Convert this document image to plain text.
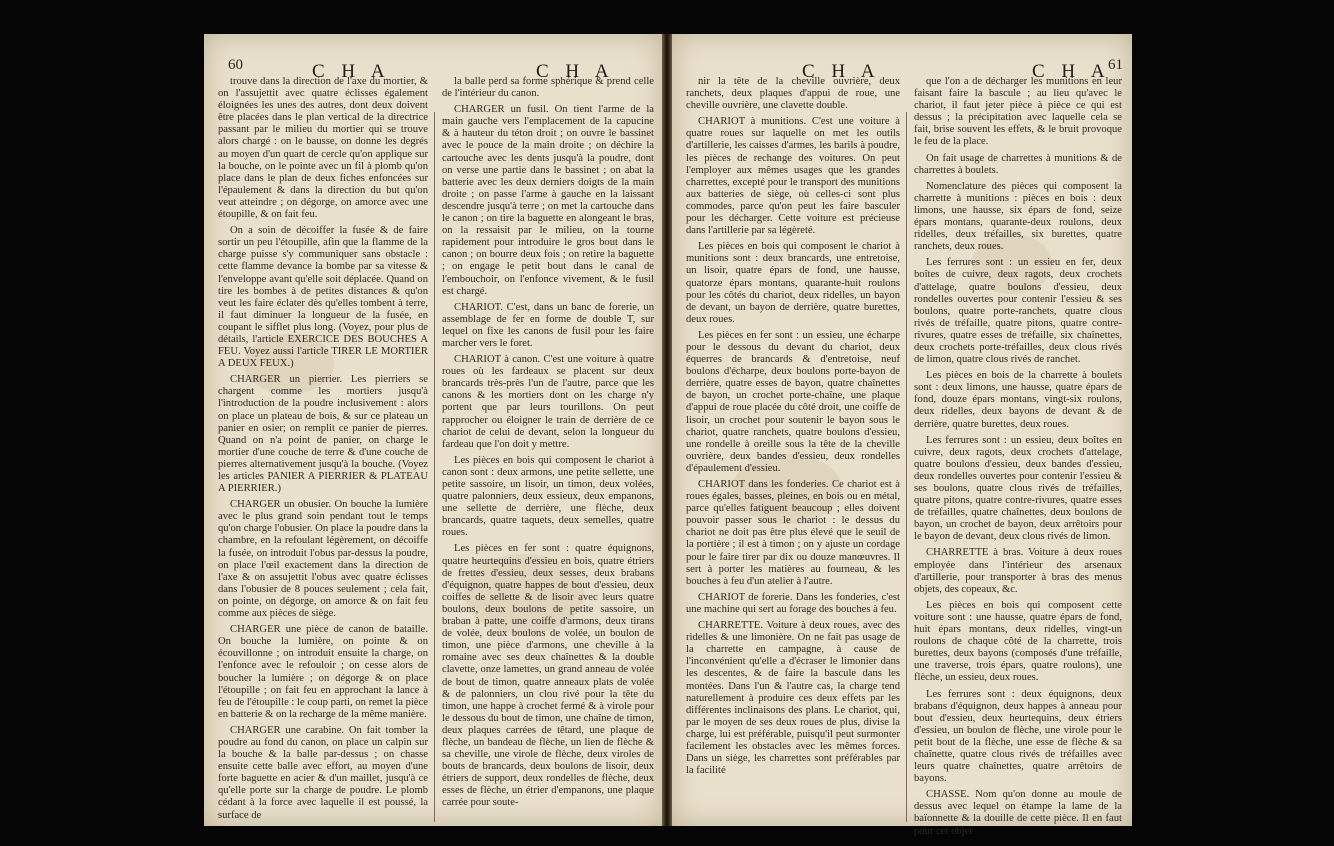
60	C H A	C H A

trouve dans la direction de l'axe du mortier, & on l'assujettit avec quatre éclisses également éloignées les unes des autres, dont deux doivent être placées dans le plan vertical de la directrice passant par le milieu du mortier qui se trouve alors chargé : on le bausse, on donne les degrés au moyen d'un quart de cercle qu'on applique sur la bouche, on le pointe avec un fil à plomb qu'on place dans le plan de deux fiches enfoncées sur l'épaulement & dans la direction du but qu'on veut atteindre ; on dégorge, on amorce avec une étoupille, & on fait feu.

On a soin de décoiffer la fusée & de faire sortir un peu l'étoupille, afin que la flamme de la charge puisse s'y communiquer sans obstacle : cette flamme devance la bombe par sa vitesse & l'enveloppe avant qu'elle soit déplacée. Quand on tire les bombes à de petites distances & qu'on veut les faire éclater dès qu'elles tombent à terre, il faut diminuer la longueur de la fusée, en coupant le sifflet plus long. (Voyez, pour plus de détails, l'article EXERCICE DES BOUCHES A FEU. Voyez aussi l'article TIRER LE MORTIER A DEUX FEUX.)

CHARGER un pierrier. Les pierriers se chargent comme les mortiers jusqu'à l'introduction de la poudre inclusivement : alors on place un plateau de bois, & sur ce plateau un panier en osier; on remplit ce panier de pierres. Quand on n'a point de panier, on charge le mortier d'une couche de terre & d'une couche de pierres alternativement jusqu'à la bouche. (Voyez les articles PANIER A PIERRIER & PLATEAU A PIERRIER.)

CHARGER un obusier. On bouche la lumière avec le plus grand soin pendant tout le temps qu'on charge l'obusier. On place la poudre dans la chambre, en la refoulant légèrement, on décoiffe la fusée, on introduit l'obus par-dessus la poudre, on place l'œil exactement dans la direction de l'axe & on assujettit l'obus avec quatre éclisses dans l'obusier de 8 pouces seulement ; cela fait, on pointe, on dégorge, on amorce & on fait feu comme aux pièces de siège.

CHARGER une pièce de canon de bataille. On bouche la lumière, on pointe & on écouvillonne ; on introduit ensuite la charge, on l'enfonce avec le refouloir ; on cesse alors de boucher la lumière ; on dégorge & on place l'étoupille ; on fait feu en approchant la lance à feu de l'étoupille : le coup parti, on remet la pièce en batterie & on la recharge de la même manière.

CHARGER une carabine. On fait tomber la poudre au fond du canon, on place un calpin sur la bouche & la balle par-dessus ; on chasse ensuite cette balle avec effort, au moyen d'une forte baguette en acier & d'un maillet, jusqu'à ce qu'elle porte sur la charge de poudre. Le plomb cédant à la force avec laquelle il est poussé, la surface de

la balle perd sa forme sphérique & prend celle de l'intérieur du canon.

CHARGER un fusil. On tient l'arme de la main gauche vers l'emplacement de la capucine & à hauteur du téton droit ; on ouvre le bassinet avec le pouce de la main droite ; on déchire la cartouche avec les dents jusqu'à la poudre, dont on verse une partie dans le bassinet ; on abat la batterie avec les deux derniers doigts de la main droite ; on passe l'arme à gauche en la laissant descendre jusqu'à terre ; on met la cartouche dans le canon ; on tire la baguette en alongeant le bras, on la ressaisit par le milieu, on la tourne rapidement pour introduire le gros bout dans le canon ; on bourre deux fois ; on retire la baguette ; on engage le petit bout dans le canal de l'embouchoir, on l'enfonce vivement, & le fusil est chargé.

CHARIOT. C'est, dans un banc de forerie, un assemblage de fer en forme de double T, sur lequel on fixe les canons de fusil pour les faire marcher vers le foret.

CHARIOT à canon. C'est une voiture à quatre roues où les fardeaux se placent sur deux brancards très-près l'un de l'autre, parce que les canons & les mortiers dont on les charge n'y portent que par leurs tourillons. On peut rapprocher ou éloigner le train de derrière de ce chariot de celui de devant, selon la longueur du fardeau que l'on doit y mettre.

Les pièces en bois qui composent le chariot à canon sont : deux armons, une petite sellette, une petite sassoire, un lisoir, un timon, deux volées, quatre palonniers, deux essieux, deux empanons, une sellette de derrière, une flèche, deux brancards, quatre taquets, deux semelles, quatre roues.

Les pièces en fer sont : quatre équignons, quatre heurtequins d'essieu en bois, quatre étriers de frettes d'essieu, deux sesses, deux brabans d'équignon, quatre happes de bout d'essieu, deux coiffes de sellette & de lisoir avec leurs quatre boulons, deux boulons de petite sassoire, un braban à patte, une coiffe d'armons, deux tirans de volée, deux boulons de volée, un boulon de timon, une pièce d'armons, une cheville à la romaine avec ses deux chaînettes & la double clavette, onze lamettes, un grand anneau de volée de bout de timon, quatre anneaux plats de volée & de palonniers, un clou rivé pour la tête du timon, une happe à crochet fermé & à virole pour le dessous du bout de timon, une chaîne de timon, deux plaques carrées de têtard, une plaque de flèche, un bandeau de flèche, un lien de flèche & sa cheville, une virole de flèche, deux viroles de bouts de brancards, deux boulons de lisoir, deux étriers de support, deux rondelles de flèche, deux esses de flèche, un étrier d'empanons, une plaque carrée pour soute-

C H A	C H A
61

nir la tête de la cheville ouvrière, deux ranchets, deux plaques d'appui de roue, une cheville ouvrière, une clavette double.

CHARIOT à munitions. C'est une voiture à quatre roues sur laquelle on met les outils d'artillerie, les caisses d'armes, les barils à poudre, les pièces de rechange des voitures. On peut l'employer aux mêmes usages que les grandes charrettes, excepté pour le transport des munitions aux batteries de siège, où celles-ci sont plus commodes, parce qu'on peut les faire basculer pour les décharger. Cette voiture est précieuse dans l'artillerie par sa légèreté.

Les pièces en bois qui composent le chariot à munitions sont : deux brancards, une entretoise, un lisoir, quatre épars de fond, une hausse, quatorze épars montans, quarante-huit roulons pour les côtés du chariot, deux ridelles, un bayon de devant, un bayon de derrière, quatre burettes, deux roues.

Les pièces en fer sont : un essieu, une écharpe pour le dessous du devant du chariot, deux équerres de brancards & d'entretoise, neuf boulons d'écharpe, deux boulons porte-bayon de derrière, quatre esses de bayon, quatre chaînettes de bayon, un crochet porte-chaîne, une plaque d'appui de roue placée du côté droit, une coiffe de lisoir, un crochet pour soutenir le bayon sous le chariot, quatre ranchets, quatre boulons d'essieu, une rondelle à oreille sous la tête de la cheville ouvrière, deux bandes d'essieu, deux rondelles d'épaulement d'essieu.

CHARIOT dans les fonderies. Ce chariot est à roues égales, basses, pleines, en bois ou en métal, parce qu'elles fatiguent beaucoup ; elles doivent pouvoir passer sous le chariot : le dessus du chariot ne doit pas être plus élevé que le seuil de la portière ; il est à timon ; on y ajuste un cordage pour le faire tirer par dix ou douze manœuvres. Il sert à porter les matières au fourneau, & les bouches à feu d'un atelier à l'autre.

CHARIOT de forerie. Dans les fonderies, c'est une machine qui sert au forage des bouches à feu.

CHARRETTE. Voiture à deux roues, avec des ridelles & une limonière. On ne fait pas usage de la charrette en campagne, à cause de l'inconvénient qu'elle a d'écraser le limonier dans les descentes, & de faire la bascule dans les montées. Dans l'un & l'autre cas, la charge tend naturellement à produire ces deux effets par les différentes inclinaisons des plans. Le chariot, qui, par le moyen de ses deux roues de plus, divise la charge, lui est préférable, puisqu'il peut surmonter facilement les obstacles avec les mêmes forces. Dans un siège, les charrettes sont préférables par la facilité

que l'on a de décharger les munitions en leur faisant faire la bascule ; au lieu qu'avec le chariot, il faut jeter pièce à pièce ce qui est dessus ; la précipitation avec laquelle cela se fait, brise souvent les effets, & le bruit provoque le feu de la place.

On fait usage de charrettes à munitions & de charrettes à boulets.

Nomenclature des pièces qui composent la charrette à munitions : pièces en bois : deux limons, une hausse, six épars de fond, seize épars montans, quarante-deux roulons, deux ridelles, deux tréfailles, six burettes, quatre ranchets, deux roues.

Les ferrures sont : un essieu en fer, deux boîtes de cuivre, deux ragots, deux crochets d'attelage, quatre boulons d'essieu, deux rondelles ouvertes pour contenir l'essieu & ses boulons, quatre porte-ranchets, quatre clous rivés de tréfaille, quatre pitons, quatre contre-rivures, quatre esses de tréfaille, six chaînettes, deux crochets porte-tréfailles, deux clous rivés de limon, quatre clous rivés de ranchet.

Les pièces en bois de la charrette à boulets sont : deux limons, une hausse, quatre épars de fond, douze épars montans, vingt-six roulons, deux ridelles, deux bayons de devant & de derrière, quatre burettes, deux roues.

Les ferrures sont : un essieu, deux boîtes en cuivre, deux ragots, deux crochets d'attelage, quatre boulons d'essieu, deux bandes d'essieu, deux rondelles ouvertes pour contenir l'essieu & ses boulons, quatre clous rivés de tréfailles, quatre pitons, quatre contre-rivures, quatre esses de tréfailles, quatre chaînettes, deux boulons de bayon, un crochet de bayon, deux arrêtoirs pour le bayon de devant, deux clous rivés de limon.

CHARRETTE à bras. Voiture à deux roues employée dans l'intérieur des arsenaux d'artillerie, pour transporter à bras des menus objets, des copeaux, &c.

Les pièces en bois qui composent cette voiture sont : une hausse, quatre épars de fond, huit épars montans, deux ridelles, vingt-un roulons de chaque côté de la charrette, trois burettes, deux bayons (composés d'une tréfaille, une traverse, trois épars, quatre roulons), une flèche, un essieu, deux roues.

Les ferrures sont : deux équignons, deux brabans d'équignon, deux happes à anneau pour bout d'essieu, deux heurtequins, deux étriers d'essieu, un boulon de flèche, une virole pour le petit bout de la flèche, une esse de flèche & sa chaînette, quatre clous rivés de tréfailles avec leurs quatre chaînettes, quatre arrêtoirs de bayons.

CHASSE. Nom qu'on donne au moule de dessus avec lequel on étampe la lame de la baïonnette & la douille de cette pièce. Il en faut pour cet objet
